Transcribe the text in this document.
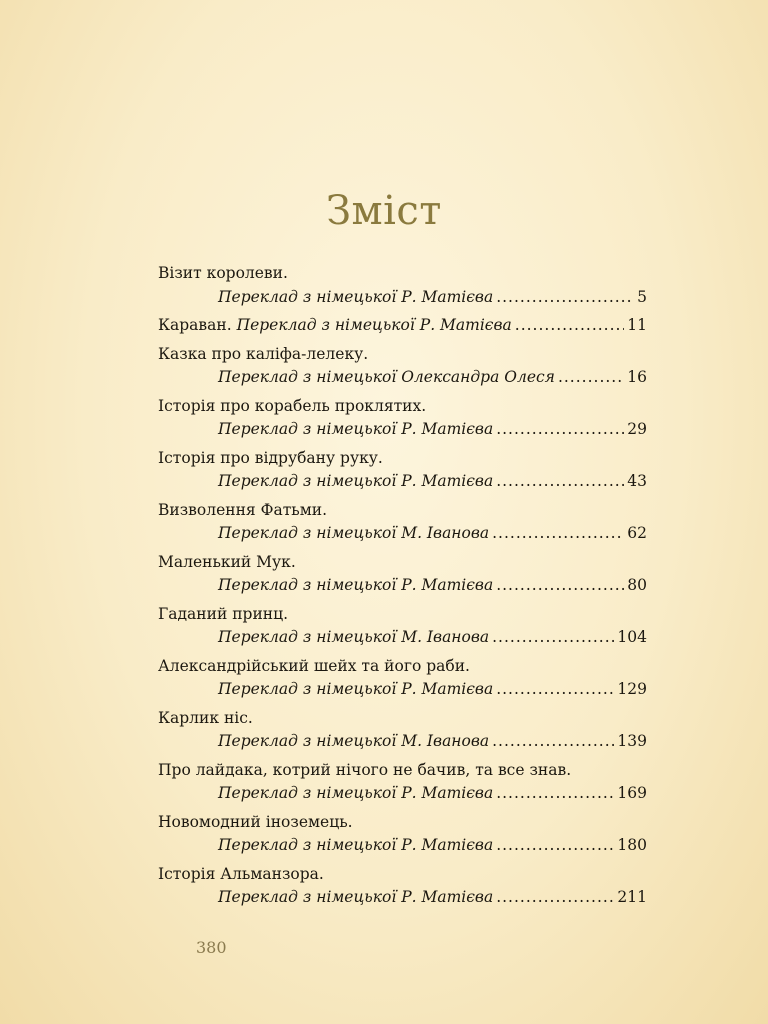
Зміст
Візит королеви.
Переклад з німецької Р. Матієва .....	5
Караван.
Переклад з німецької Р. Матієва .....	11
Казка про каліфа-лелеку.
Переклад з німецької Олександра Олеся .....	16
Історія про корабель проклятих.
Переклад з німецької Р. Матієва .....	29
Історія про відрубану руку.
Переклад з німецької Р. Матієва .....	43
Визволення Фатьми.
Переклад з німецької М. Іванова .....	62
Маленький Мук.
Переклад з німецької Р. Матієва .....	80
Гаданий принц.
Переклад з німецької М. Іванова .....	104
Александрійський шейх та його раби.
Переклад з німецької Р. Матієва .....	129
Карлик ніс.
Переклад з німецької М. Іванова .....	139
Про лайдака, котрий нічого не бачив, та все знав.
Переклад з німецької Р. Матієва .....	169
Новомодний іноземець.
Переклад з німецької Р. Матієва .....	180
Історія Альманзора.
Переклад з німецької Р. Матієва .....	211
380
